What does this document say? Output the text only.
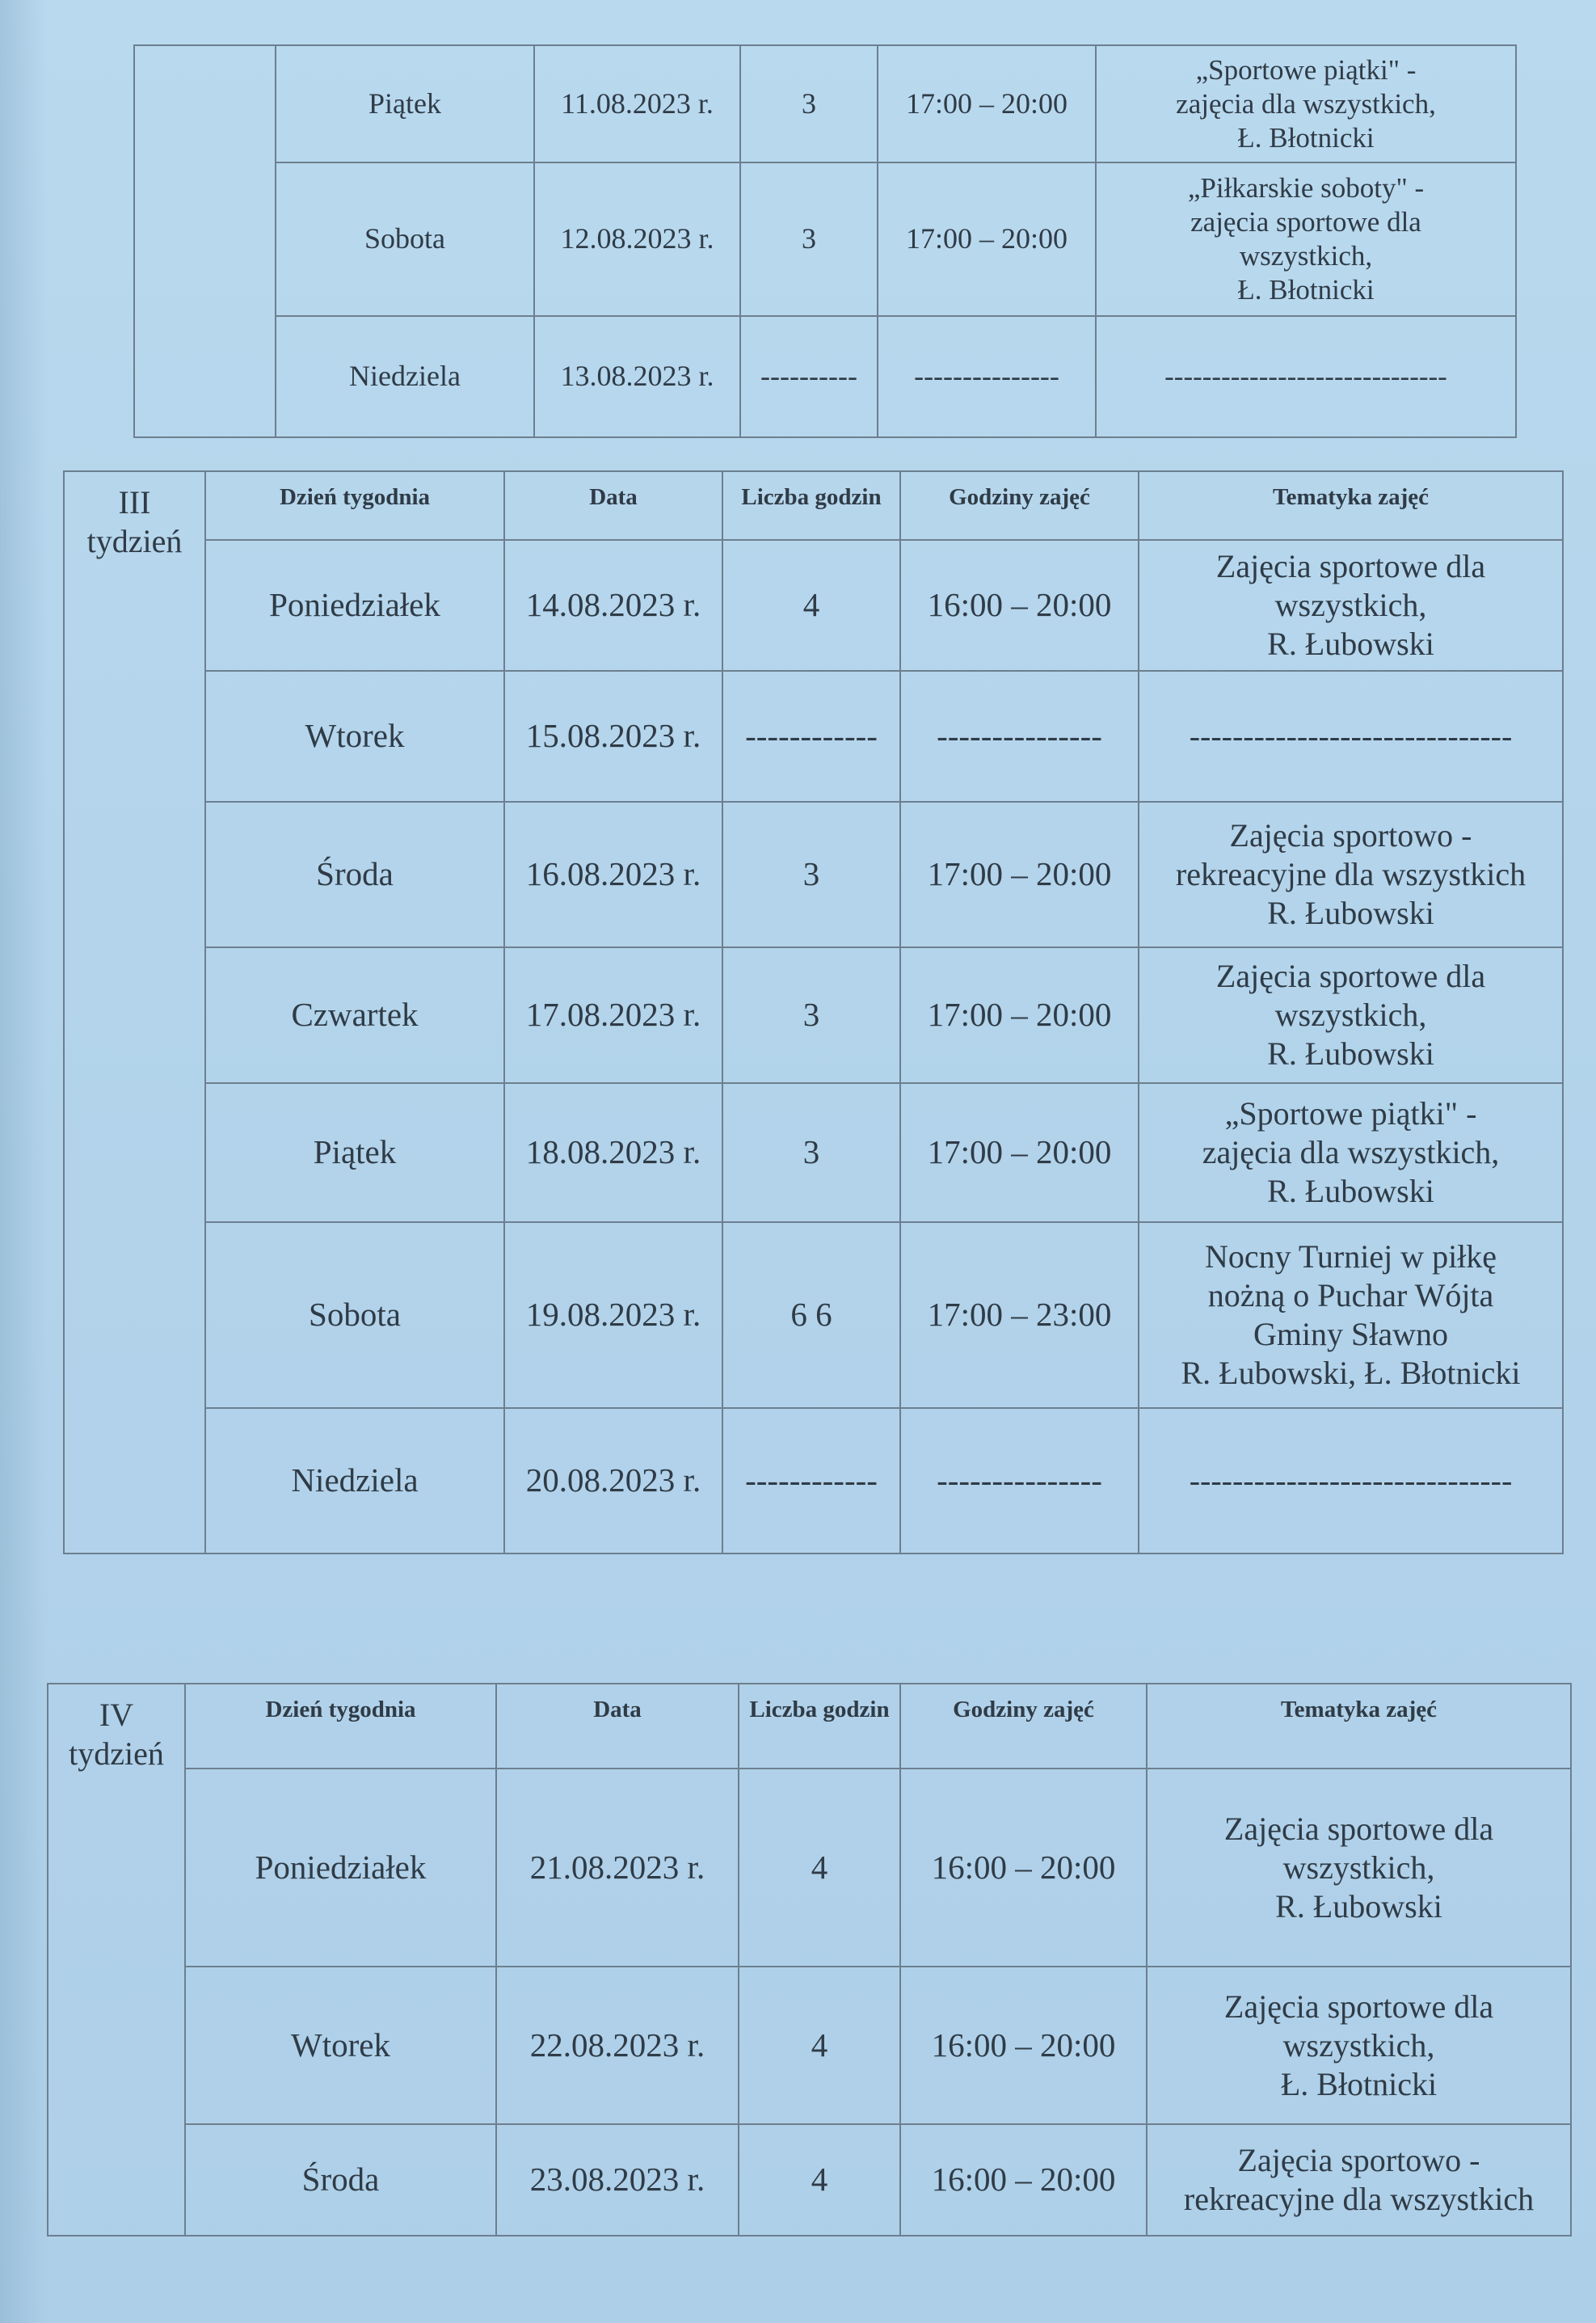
	Piątek	11.08.2023 r.	3	17:00 – 20:00	„Sportowe piątki" -
zajęcia dla wszystkich,
Ł. Błotnicki

	Sobota	12.08.2023 r.	3	17:00 – 20:00	„Piłkarskie soboty" -
zajęcia sportowe dla
wszystkich,
Ł. Błotnicki

	Niedziela	13.08.2023 r.	----------	---------------	------------------------------
III
tydzień	Dzień tygodnia	Data	Liczba godzin	Godziny zajęć	Tematyka zajęć
	Poniedziałek	14.08.2023 r.	4	16:00 – 20:00	Zajęcia sportowe dla
wszystkich,
R. Łubowski

	Wtorek	15.08.2023 r.	------------	---------------	------------------------------

	Środa	16.08.2023 r.	3	17:00 – 20:00	Zajęcia sportowo -
rekreacyjne dla wszystkich
R. Łubowski

	Czwartek	17.08.2023 r.	3	17:00 – 20:00	Zajęcia sportowe dla
wszystkich,
R. Łubowski

	Piątek	18.08.2023 r.	3	17:00 – 20:00	„Sportowe piątki" -
zajęcia dla wszystkich,
R. Łubowski

	Sobota	19.08.2023 r.	6 6	17:00 – 23:00	Nocny Turniej w piłkę
nożną o Puchar Wójta
Gminy Sławno
R. Łubowski, Ł. Błotnicki

	Niedziela	20.08.2023 r.	------------	---------------	------------------------------
IV
tydzień	Dzień tygodnia	Data	Liczba godzin	Godziny zajęć	Tematyka zajęć
	Poniedziałek	21.08.2023 r.	4	16:00 – 20:00	Zajęcia sportowe dla
wszystkich,
R. Łubowski

	Wtorek	22.08.2023 r.	4	16:00 – 20:00	Zajęcia sportowe dla
wszystkich,
Ł. Błotnicki

	Środa	23.08.2023 r.	4	16:00 – 20:00	Zajęcia sportowo -
rekreacyjne dla wszystkich
